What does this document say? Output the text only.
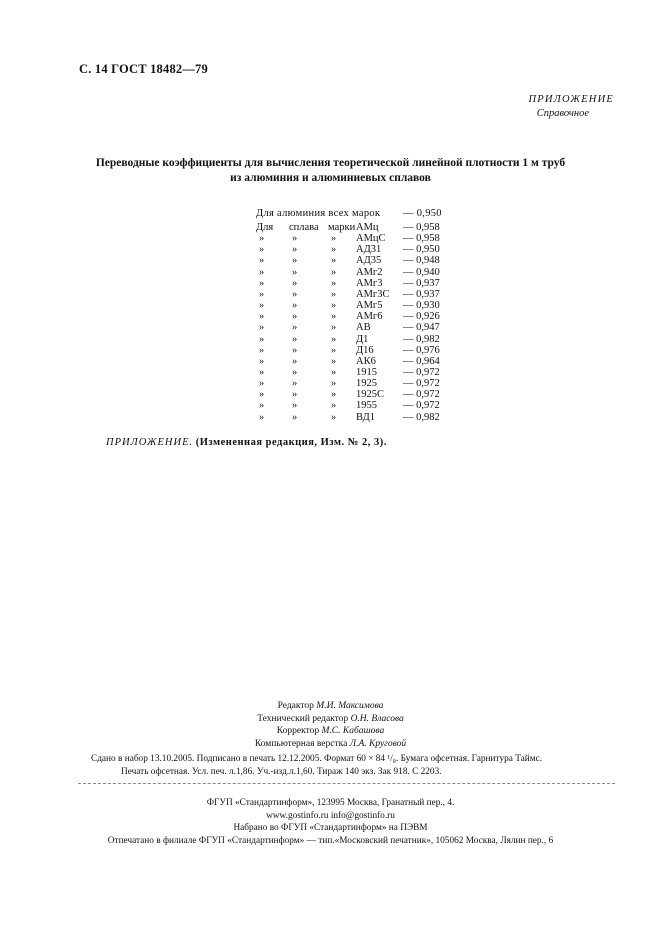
С. 14 ГОСТ 18482—79
ПРИЛОЖЕНИЕ
Справочное
Переводные коэффициенты для вычисления теоретической линейной плотности 1 м труб
из алюминия и алюминиевых сплавов
Для алюминия всех марок — 0,950
Для сплава марки АМц — 0,958
»	»	» АМцС — 0,958
»	»	» АД31 — 0,950
»	»	» АД35 — 0,948
»	»	» АМг2 — 0,940
»	»	» АМг3 — 0,937
»	»	» АМг3С — 0,937
»	»	» АМг5 — 0,930
»	»	» АМг6 — 0,926
»	»	» АВ	— 0,947
»	»	» Д1	— 0,982
»	»	» Д16	— 0,976
»	»	» АК6	— 0,964
»	»	» 1915 — 0,972
»	»	» 1925 — 0,972
»	»	» 1925С — 0,972
»	»	» 1955 — 0,972
»	»	» ВД1	— 0,982
ПРИЛОЖЕНИЕ. (Измененная редакция, Изм. № 2, 3).
Редактор М.И. Максимова
Технический редактор О.Н. Власова
Корректор М.С. Кабашова
Компьютерная верстка Л.А. Круговой
Сдано в набор 13.10.2005. Подписано в печать 12.12.2005. Формат 60 × 84 ¹/₈. Бумага офсетная. Гарнитура Таймс.
Печать офсетная. Усл. печ. л.1,86. Уч.-изд.л.1,60. Тираж 140 экз. Зак 918. С 2203.
ФГУП «Стандартинформ», 123995 Москва, Гранатный пер., 4.
www.gostinfo.ru info@gostinfo.ru
Набрано во ФГУП «Стандартинформ» на ПЭВМ
Отпечатано в филиале ФГУП «Стандартинформ» — тип.«Московский печатник», 105062 Москва, Лялин пер., 6
